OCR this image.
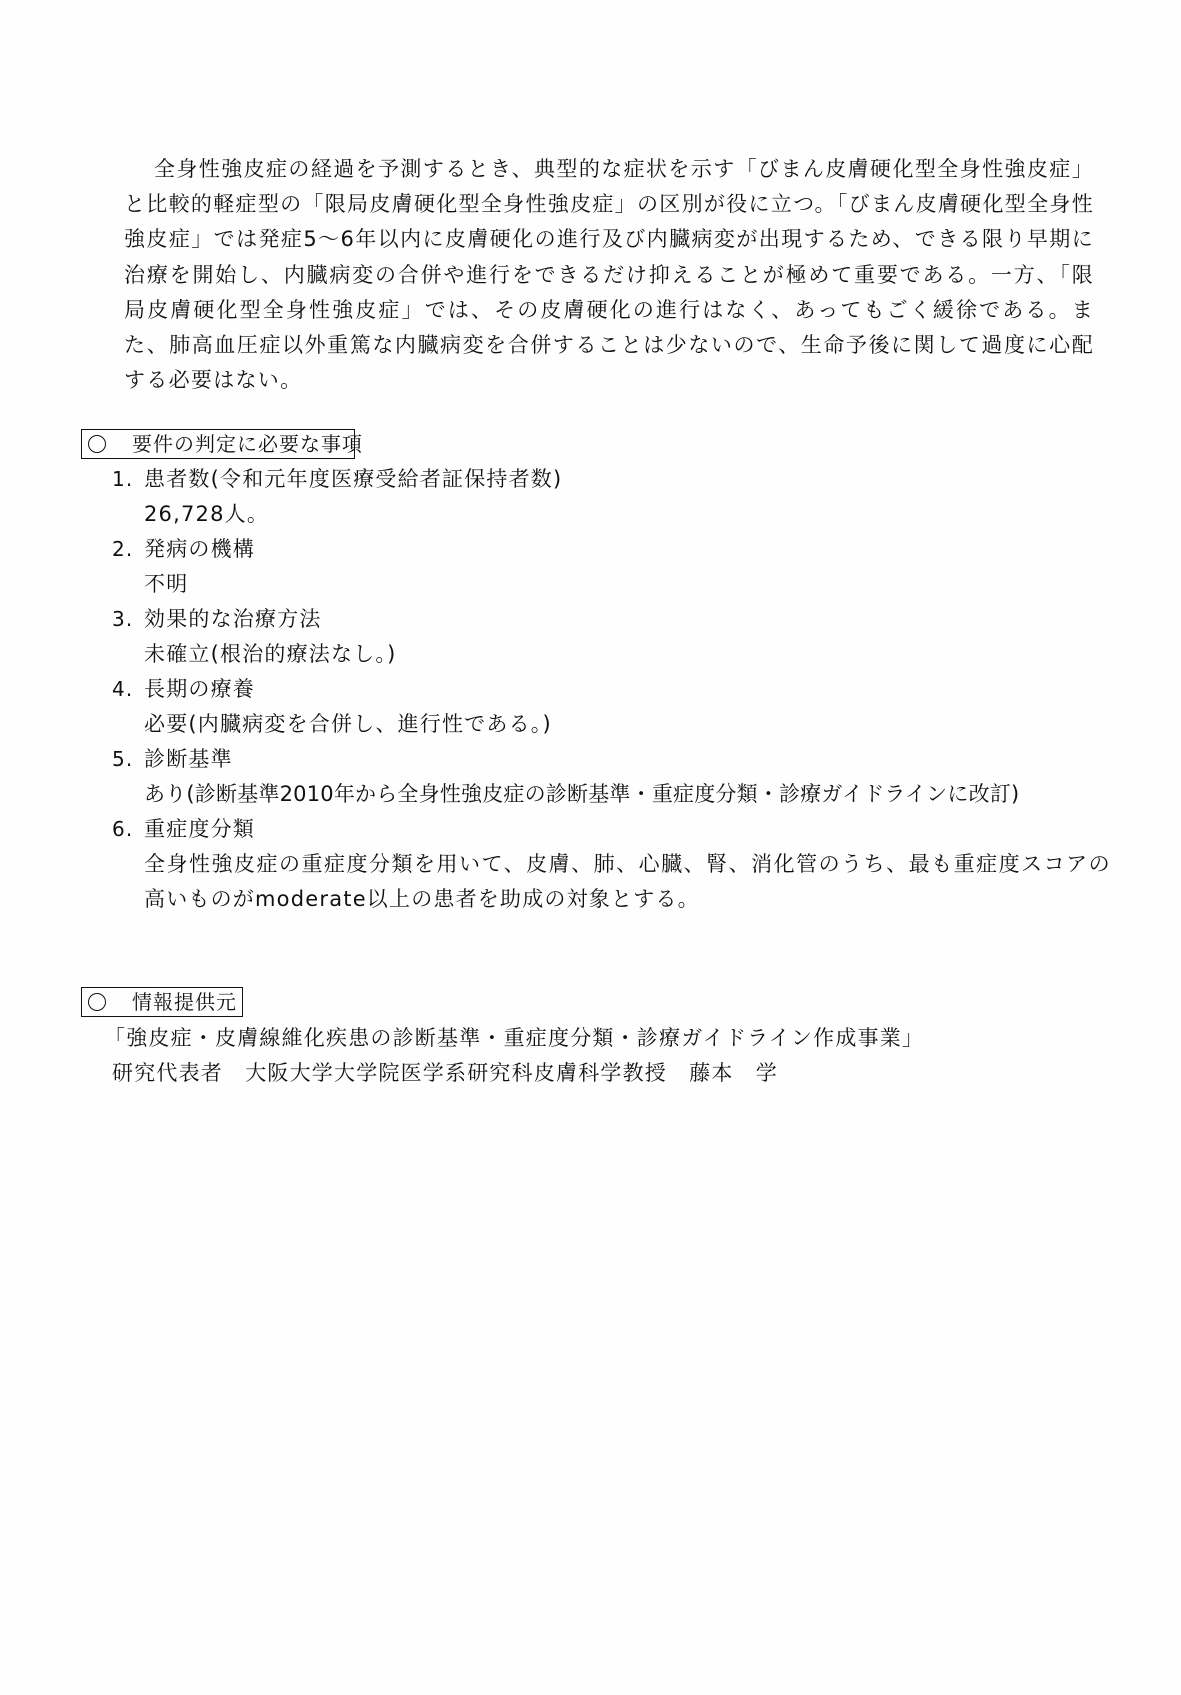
全身性強皮症の経過を予測するとき、典型的な症状を示す「びまん皮膚硬化型全身性強皮症」と比較的軽症型の「限局皮膚硬化型全身性強皮症」の区別が役に立つ。「びまん皮膚硬化型全身性強皮症」では発症5〜6年以内に皮膚硬化の進行及び内臓病変が出現するため、できる限り早期に治療を開始し、内臓病変の合併や進行をできるだけ抑えることが極めて重要である。一方、「限局皮膚硬化型全身性強皮症」では、その皮膚硬化の進行はなく、あってもごく緩徐である。また、肺高血圧症以外重篤な内臓病変を合併することは少ないので、生命予後に関して過度に心配する必要はない。
要件の判定に必要な事項
1. 患者数(令和元年度医療受給者証保持者数)
26,728人。
2. 発病の機構
不明
3. 効果的な治療方法
未確立(根治的療法なし。)
4. 長期の療養
必要(内臓病変を合併し、進行性である。)
5. 診断基準
あり(診断基準2010年から全身性強皮症の診断基準・重症度分類・診療ガイドラインに改訂)
6. 重症度分類
全身性強皮症の重症度分類を用いて、皮膚、肺、心臓、腎、消化管のうち、最も重症度スコアの
高いものがmoderate以上の患者を助成の対象とする。
情報提供元
「強皮症・皮膚線維化疾患の診断基準・重症度分類・診療ガイドライン作成事業」
研究代表者　大阪大学大学院医学系研究科皮膚科学教授　藤本　学
